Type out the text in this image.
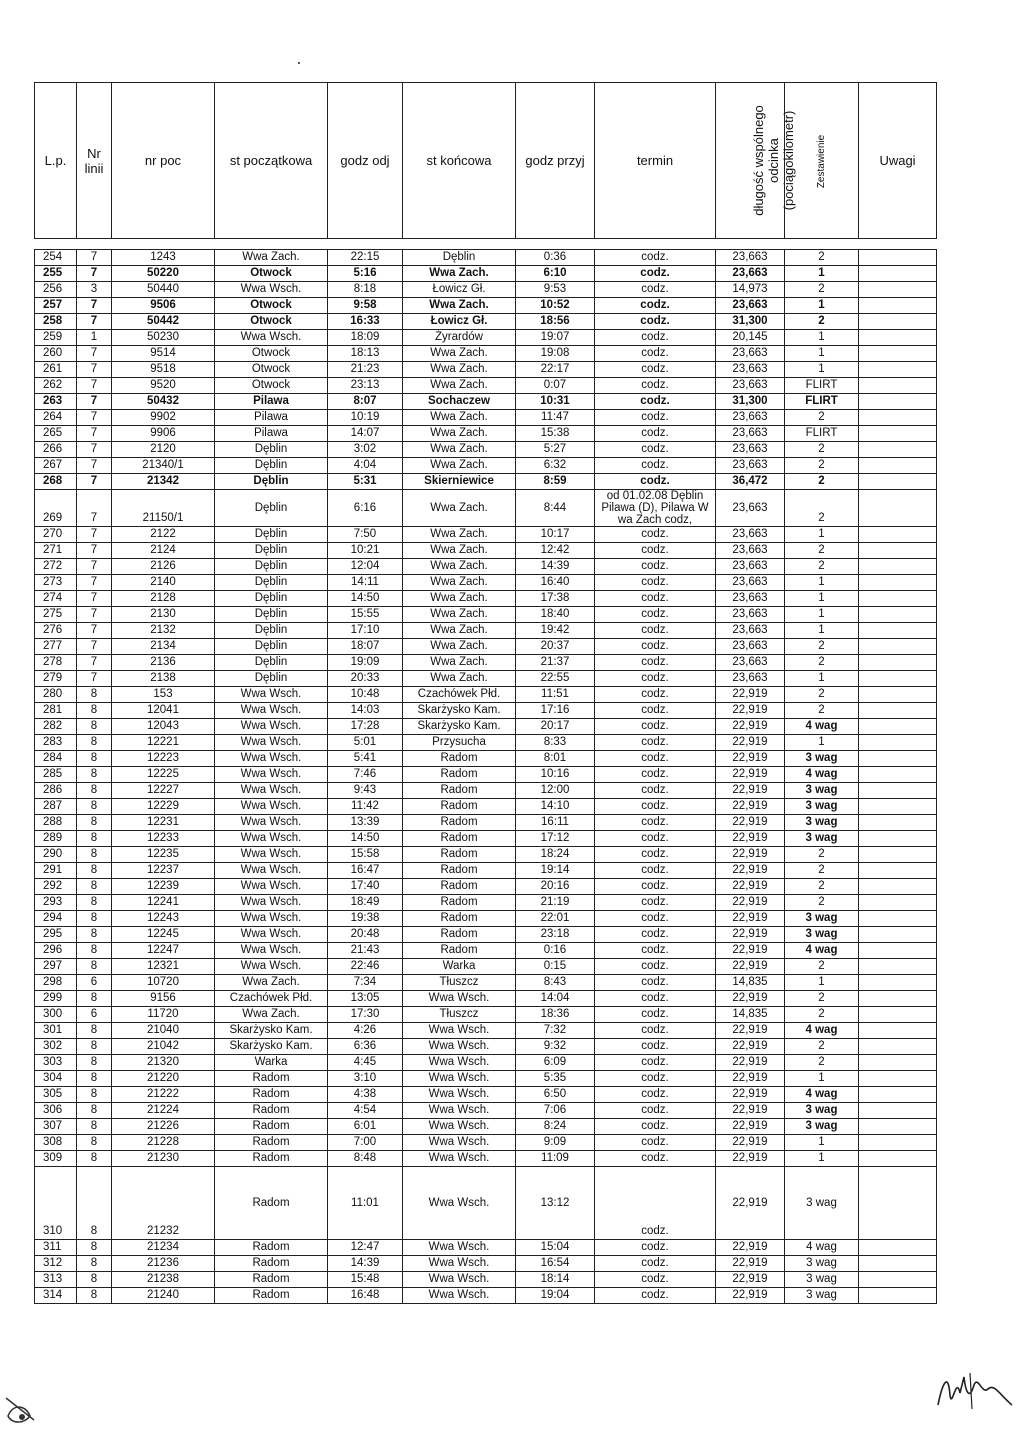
L.p.	Nr linii	nr poc	st początkowa	godz odj	st końcowa	godz przyj	termin	długość wspólnego odcinka (pociągokilometr)	Zestawienie	Uwagi

254	7	1243	Wwa Zach.	22:15	Dęblin	0:36	codz.	23,663	2	
255	7	50220	Otwock	5:16	Wwa Zach.	6:10	codz.	23,663	1	
256	3	50440	Wwa Wsch.	8:18	Łowicz Gł.	9:53	codz.	14,973	2	
257	7	9506	Otwock	9:58	Wwa Zach.	10:52	codz.	23,663	1	
258	7	50442	Otwock	16:33	Łowicz Gł.	18:56	codz.	31,300	2	
259	1	50230	Wwa Wsch.	18:09	Żyrardów	19:07	codz.	20,145	1	
260	7	9514	Otwock	18:13	Wwa Zach.	19:08	codz.	23,663	1	
261	7	9518	Otwock	21:23	Wwa Zach.	22:17	codz.	23,663	1	
262	7	9520	Otwock	23:13	Wwa Zach.	0:07	codz.	23,663	FLIRT	
263	7	50432	Pilawa	8:07	Sochaczew	10:31	codz.	31,300	FLIRT	
264	7	9902	Pilawa	10:19	Wwa Zach.	11:47	codz.	23,663	2	
265	7	9906	Pilawa	14:07	Wwa Zach.	15:38	codz.	23,663	FLIRT	
266	7	2120	Dęblin	3:02	Wwa Zach.	5:27	codz.	23,663	2	
267	7	21340/1	Dęblin	4:04	Wwa Zach.	6:32	codz.	23,663	2	
268	7	21342	Dęblin	5:31	Skierniewice	8:59	codz.	36,472	2	
269	7	21150/1	Dęblin	6:16	Wwa Zach.	8:44	od 01.02.08 Dęblin Pilawa (D), Pilawa W wa Zach codz,	23,663	2	
270	7	2122	Dęblin	7:50	Wwa Zach.	10:17	codz.	23,663	1	
271	7	2124	Dęblin	10:21	Wwa Zach.	12:42	codz.	23,663	2	
272	7	2126	Dęblin	12:04	Wwa Zach.	14:39	codz.	23,663	2	
273	7	2140	Dęblin	14:11	Wwa Zach.	16:40	codz.	23,663	1	
274	7	2128	Dęblin	14:50	Wwa Zach.	17:38	codz.	23,663	1	
275	7	2130	Dęblin	15:55	Wwa Zach.	18:40	codz.	23,663	1	
276	7	2132	Dęblin	17:10	Wwa Zach.	19:42	codz.	23,663	1	
277	7	2134	Dęblin	18:07	Wwa Zach.	20:37	codz.	23,663	2	
278	7	2136	Dęblin	19:09	Wwa Zach.	21:37	codz.	23,663	2	
279	7	2138	Dęblin	20:33	Wwa Zach.	22:55	codz.	23,663	1	
280	8	153	Wwa Wsch.	10:48	Czachówek Płd.	11:51	codz.	22,919	2	
281	8	12041	Wwa Wsch.	14:03	Skarżysko Kam.	17:16	codz.	22,919	2	
282	8	12043	Wwa Wsch.	17:28	Skarżysko Kam.	20:17	codz.	22,919	4 wag	
283	8	12221	Wwa Wsch.	5:01	Przysucha	8:33	codz.	22,919	1	
284	8	12223	Wwa Wsch.	5:41	Radom	8:01	codz.	22,919	3 wag	
285	8	12225	Wwa Wsch.	7:46	Radom	10:16	codz.	22,919	4 wag	
286	8	12227	Wwa Wsch.	9:43	Radom	12:00	codz.	22,919	3 wag	
287	8	12229	Wwa Wsch.	11:42	Radom	14:10	codz.	22,919	3 wag	
288	8	12231	Wwa Wsch.	13:39	Radom	16:11	codz.	22,919	3 wag	
289	8	12233	Wwa Wsch.	14:50	Radom	17:12	codz.	22,919	3 wag	
290	8	12235	Wwa Wsch.	15:58	Radom	18:24	codz.	22,919	2	
291	8	12237	Wwa Wsch.	16:47	Radom	19:14	codz.	22,919	2	
292	8	12239	Wwa Wsch.	17:40	Radom	20:16	codz.	22,919	2	
293	8	12241	Wwa Wsch.	18:49	Radom	21:19	codz.	22,919	2	
294	8	12243	Wwa Wsch.	19:38	Radom	22:01	codz.	22,919	3 wag	
295	8	12245	Wwa Wsch.	20:48	Radom	23:18	codz.	22,919	3 wag	
296	8	12247	Wwa Wsch.	21:43	Radom	0:16	codz.	22,919	4 wag	
297	8	12321	Wwa Wsch.	22:46	Warka	0:15	codz.	22,919	2	
298	6	10720	Wwa Zach.	7:34	Tłuszcz	8:43	codz.	14,835	1	
299	8	9156	Czachówek Płd.	13:05	Wwa Wsch.	14:04	codz.	22,919	2	
300	6	11720	Wwa Zach.	17:30	Tłuszcz	18:36	codz.	14,835	2	
301	8	21040	Skarżysko Kam.	4:26	Wwa Wsch.	7:32	codz.	22,919	4 wag	
302	8	21042	Skarżysko Kam.	6:36	Wwa Wsch.	9:32	codz.	22,919	2	
303	8	21320	Warka	4:45	Wwa Wsch.	6:09	codz.	22,919	2	
304	8	21220	Radom	3:10	Wwa Wsch.	5:35	codz.	22,919	1	
305	8	21222	Radom	4:38	Wwa Wsch.	6:50	codz.	22,919	4 wag	
306	8	21224	Radom	4:54	Wwa Wsch.	7:06	codz.	22,919	3 wag	
307	8	21226	Radom	6:01	Wwa Wsch.	8:24	codz.	22,919	3 wag	
308	8	21228	Radom	7:00	Wwa Wsch.	9:09	codz.	22,919	1	
309	8	21230	Radom	8:48	Wwa Wsch.	11:09	codz.	22,919	1	
310	8	21232	Radom	11:01	Wwa Wsch.	13:12	codz.	22,919	3 wag	
311	8	21234	Radom	12:47	Wwa Wsch.	15:04	codz.	22,919	4 wag	
312	8	21236	Radom	14:39	Wwa Wsch.	16:54	codz.	22,919	3 wag	
313	8	21238	Radom	15:48	Wwa Wsch.	18:14	codz.	22,919	3 wag	
314	8	21240	Radom	16:48	Wwa Wsch.	19:04	codz.	22,919	3 wag	
